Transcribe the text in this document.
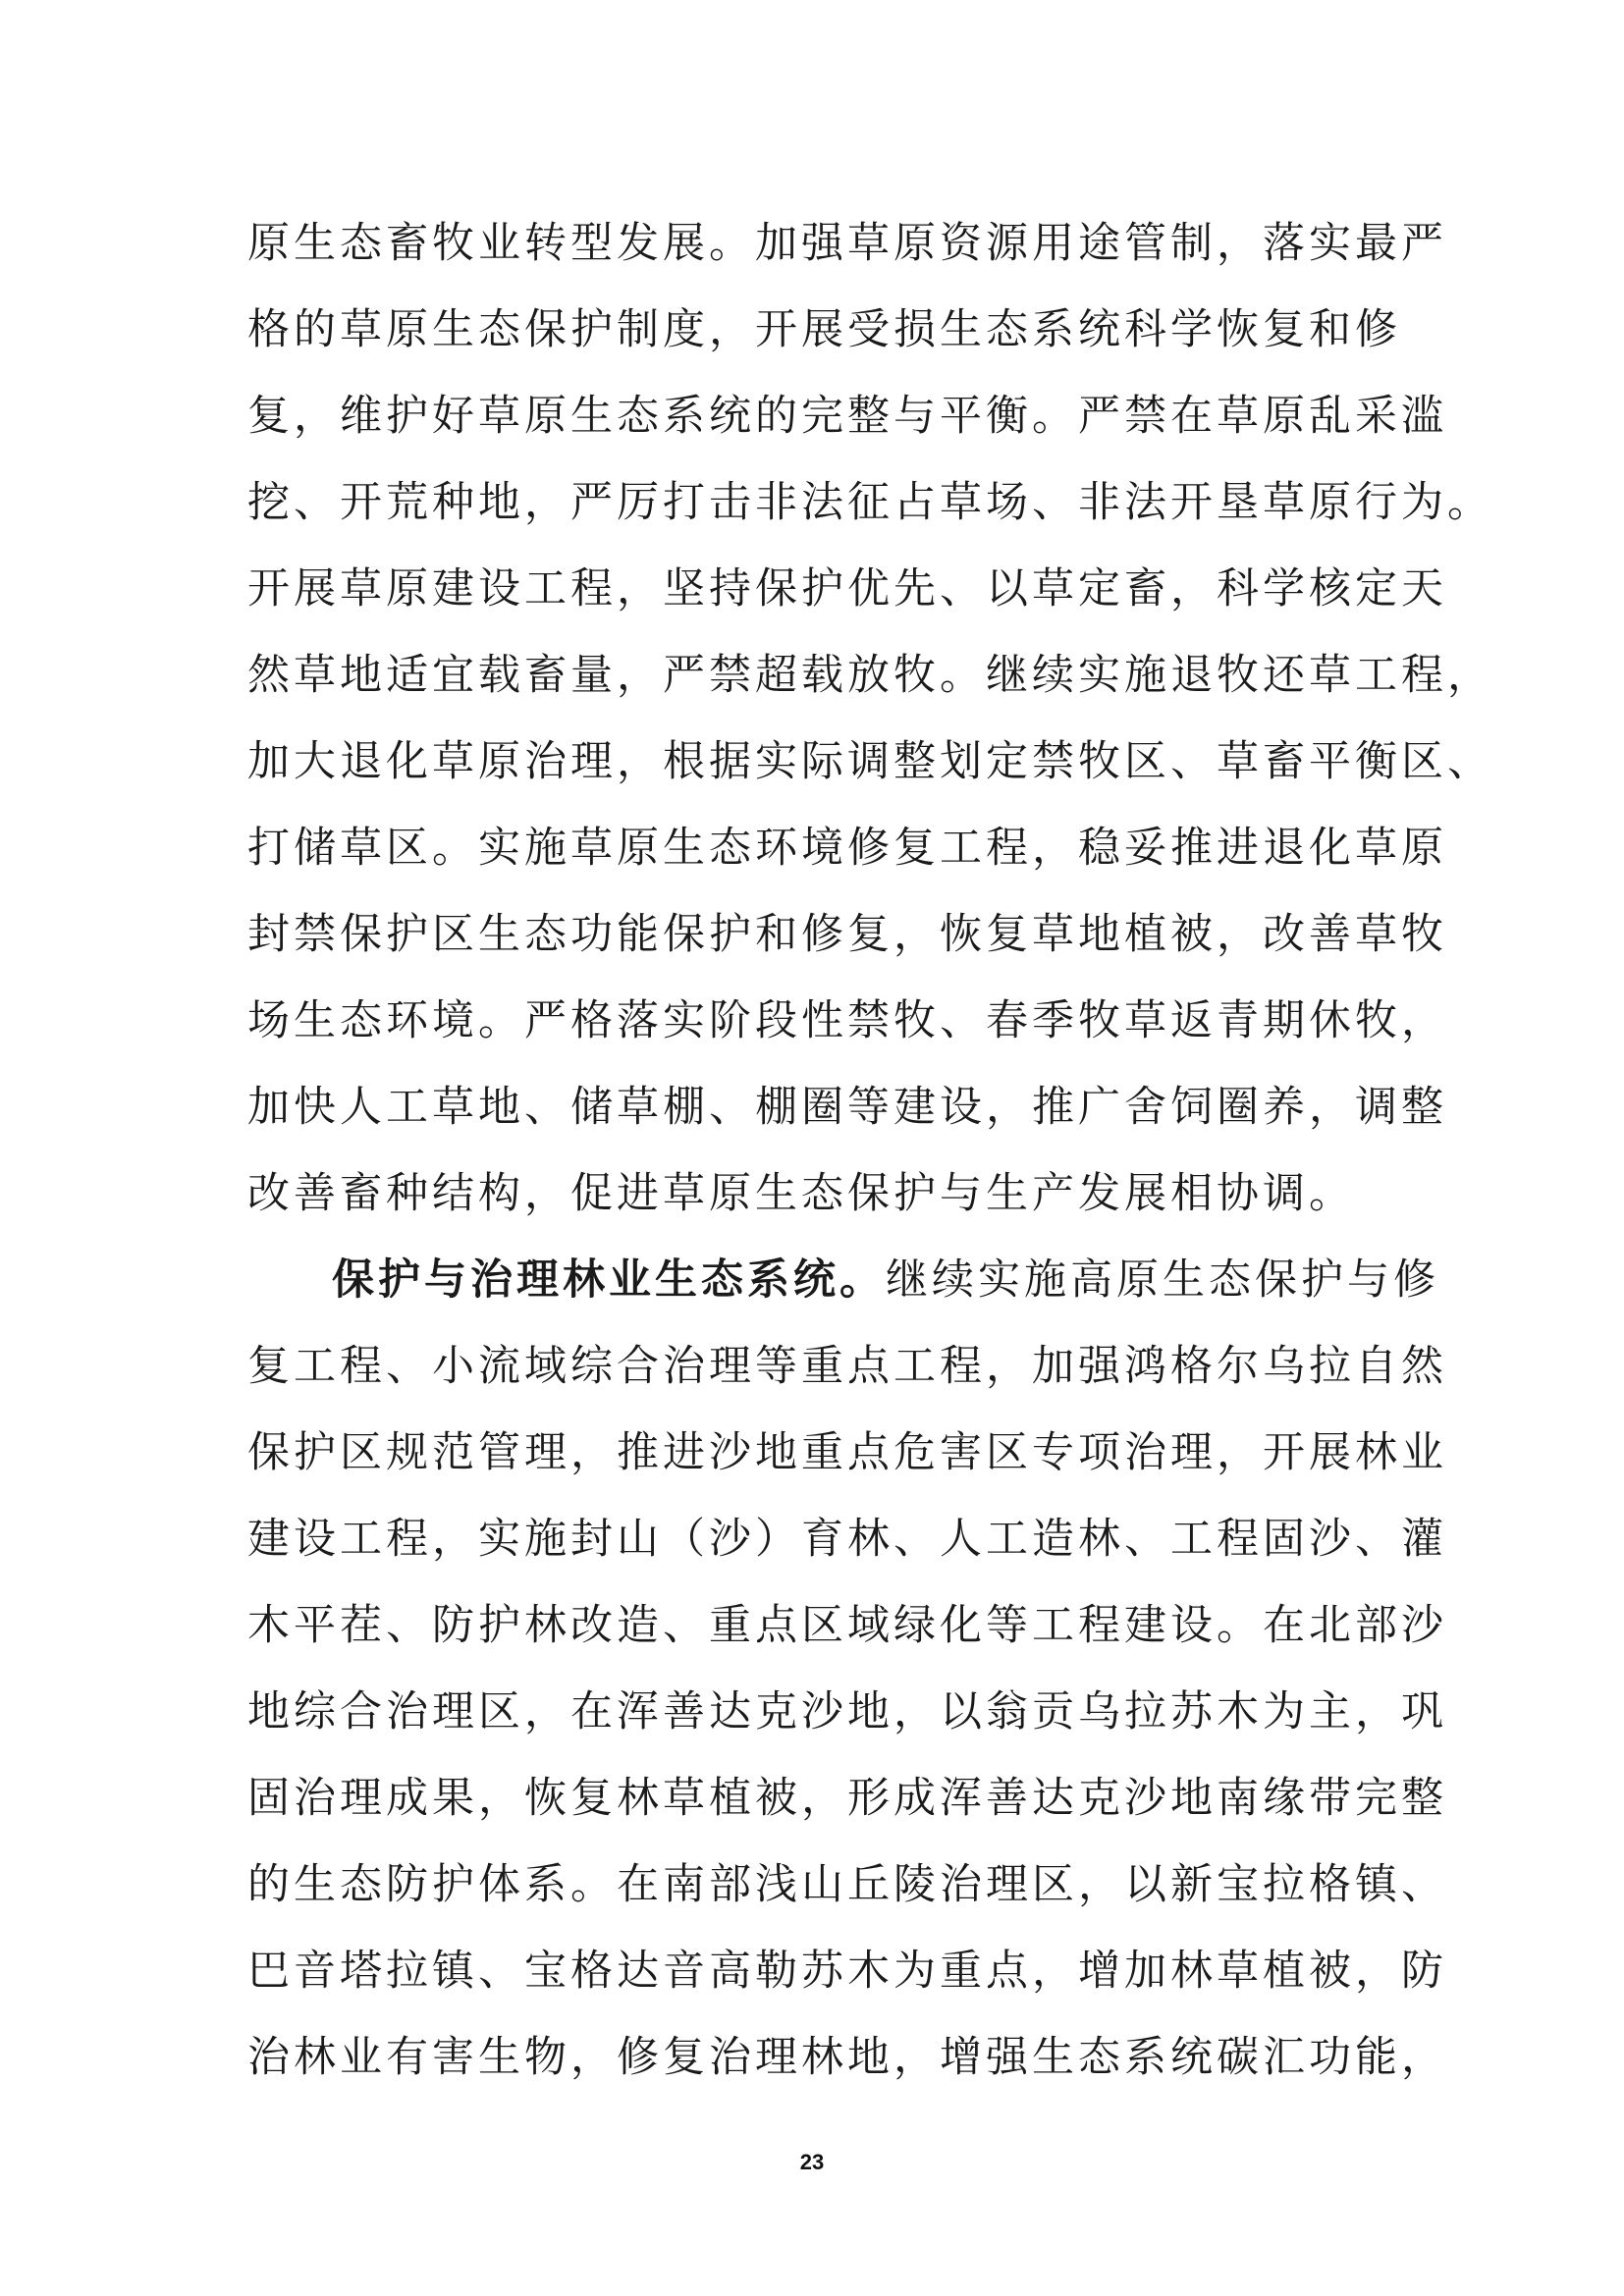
原生态畜牧业转型发展。加强草原资源用途管制，落实最严
格的草原生态保护制度，开展受损生态系统科学恢复和修
复，维护好草原生态系统的完整与平衡。严禁在草原乱采滥
挖、开荒种地，严厉打击非法征占草场、非法开垦草原行为。
开展草原建设工程，坚持保护优先、以草定畜，科学核定天
然草地适宜载畜量，严禁超载放牧。继续实施退牧还草工程，
加大退化草原治理，根据实际调整划定禁牧区、草畜平衡区、
打储草区。实施草原生态环境修复工程，稳妥推进退化草原
封禁保护区生态功能保护和修复，恢复草地植被，改善草牧
场生态环境。严格落实阶段性禁牧、春季牧草返青期休牧，
加快人工草地、储草棚、棚圈等建设，推广舍饲圈养，调整
改善畜种结构，促进草原生态保护与生产发展相协调。

保护与治理林业生态系统。继续实施高原生态保护与修
复工程、小流域综合治理等重点工程，加强鸿格尔乌拉自然
保护区规范管理，推进沙地重点危害区专项治理，开展林业
建设工程，实施封山（沙）育林、人工造林、工程固沙、灌
木平茬、防护林改造、重点区域绿化等工程建设。在北部沙
地综合治理区，在浑善达克沙地，以翁贡乌拉苏木为主，巩
固治理成果，恢复林草植被，形成浑善达克沙地南缘带完整
的生态防护体系。在南部浅山丘陵治理区，以新宝拉格镇、
巴音塔拉镇、宝格达音高勒苏木为重点，增加林草植被，防
治林业有害生物，修复治理林地，增强生态系统碳汇功能，

23
